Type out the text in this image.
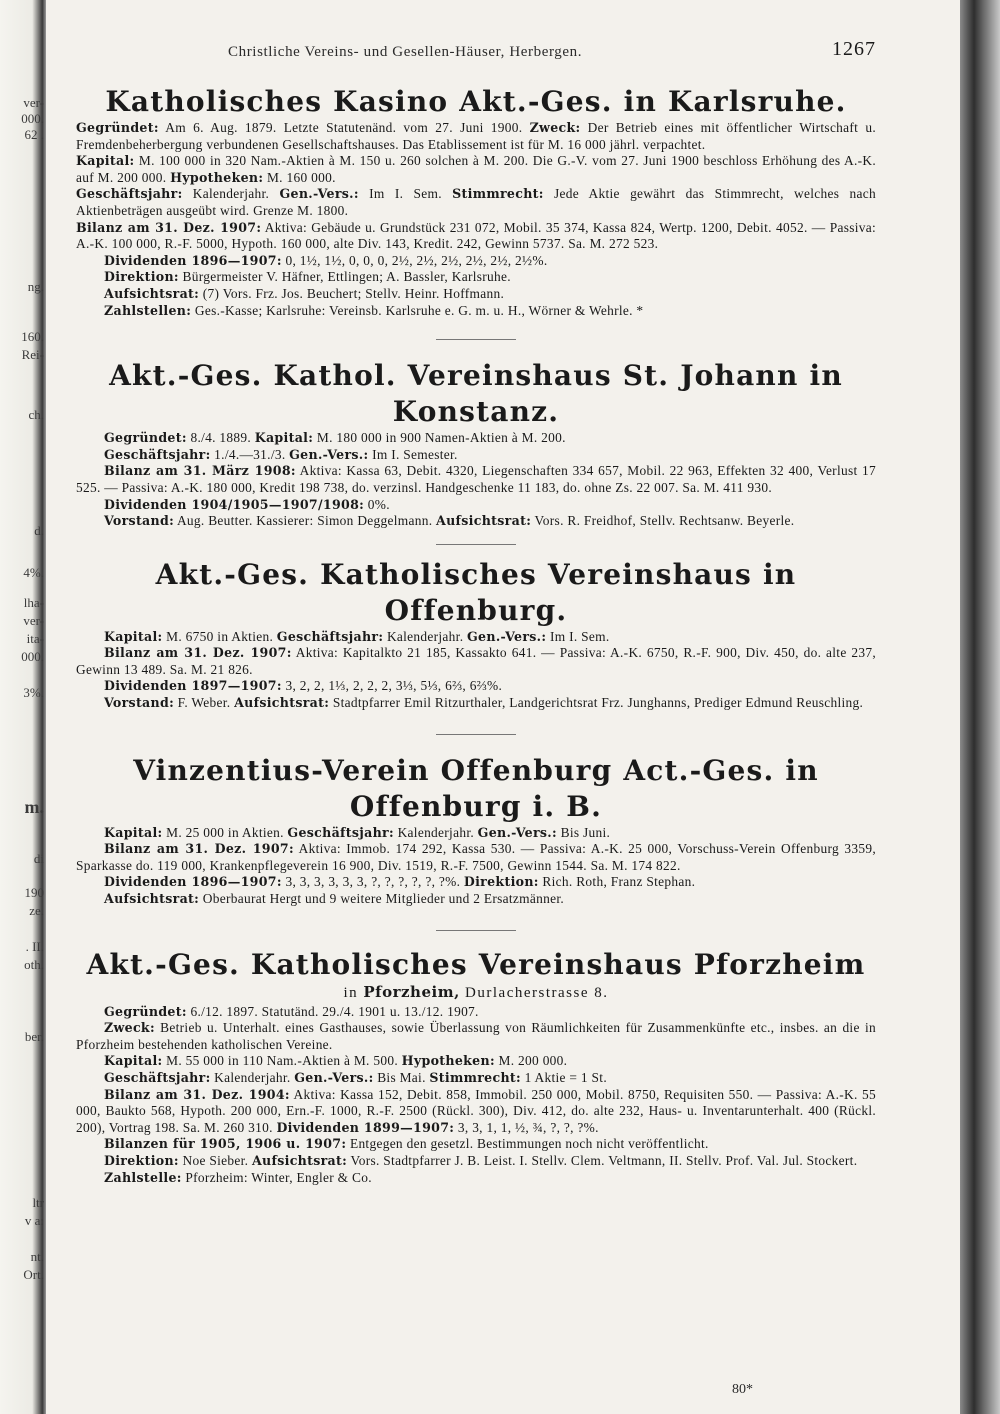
ver-
000.
62 .
ng.
160.
Rei-
ch.
d.
4%.
lha-
ver-
ita-
000.
3%.
m.
di
190
ze.
. II.
oth.
ber.
ltr
v a:
nt.
Ort.
Christliche Vereins- und Gesellen-Häuser, Herbergen.	1267
Katholisches Kasino Akt.-Ges. in Karlsruhe.

Gegründet: Am 6. Aug. 1879. Letzte Statutenänd. vom 27. Juni 1900. Zweck: Der Betrieb eines mit öffentlicher Wirtschaft u. Fremdenbeherbergung verbundenen Gesellschaftshauses. Das Etablissement ist für M. 16 000 jährl. verpachtet.

Kapital: M. 100 000 in 320 Nam.-Aktien à M. 150 u. 260 solchen à M. 200. Die G.-V. vom 27. Juni 1900 beschloss Erhöhung des A.-K. auf M. 200 000. Hypotheken: M. 160 000.

Geschäftsjahr: Kalenderjahr. Gen.-Vers.: Im I. Sem. Stimmrecht: Jede Aktie gewährt das Stimmrecht, welches nach Aktienbeträgen ausgeübt wird. Grenze M. 1800.

Bilanz am 31. Dez. 1907: Aktiva: Gebäude u. Grundstück 231 072, Mobil. 35 374, Kassa 824, Wertp. 1200, Debit. 4052. — Passiva: A.-K. 100 000, R.-F. 5000, Hypoth. 160 000, alte Div. 143, Kredit. 242, Gewinn 5737. Sa. M. 272 523.

Dividenden 1896—1907: 0, 1½, 1½, 0, 0, 0, 2½, 2½, 2½, 2½, 2½, 2½%.

Direktion: Bürgermeister V. Häfner, Ettlingen; A. Bassler, Karlsruhe.

Aufsichtsrat: (7) Vors. Frz. Jos. Beuchert; Stellv. Heinr. Hoffmann.

Zahlstellen: Ges.-Kasse; Karlsruhe: Vereinsb. Karlsruhe e. G. m. u. H., Wörner & Wehrle. *

Akt.-Ges. Kathol. Vereinshaus St. Johann in Konstanz.

Gegründet: 8./4. 1889. Kapital: M. 180 000 in 900 Namen-Aktien à M. 200.

Geschäftsjahr: 1./4.—31./3. Gen.-Vers.: Im I. Semester.

Bilanz am 31. März 1908: Aktiva: Kassa 63, Debit. 4320, Liegenschaften 334 657, Mobil. 22 963, Effekten 32 400, Verlust 17 525. — Passiva: A.-K. 180 000, Kredit 198 738, do. verzinsl. Handgeschenke 11 183, do. ohne Zs. 22 007. Sa. M. 411 930.

Dividenden 1904/1905—1907/1908: 0%.

Vorstand: Aug. Beutter. Kassierer: Simon Deggelmann. Aufsichtsrat: Vors. R. Freidhof, Stellv. Rechtsanw. Beyerle.

Akt.-Ges. Katholisches Vereinshaus in Offenburg.

Kapital: M. 6750 in Aktien. Geschäftsjahr: Kalenderjahr. Gen.-Vers.: Im I. Sem.

Bilanz am 31. Dez. 1907: Aktiva: Kapitalkto 21 185, Kassakto 641. — Passiva: A.-K. 6750, R.-F. 900, Div. 450, do. alte 237, Gewinn 13 489. Sa. M. 21 826.

Dividenden 1897—1907: 3, 2, 2, 1⅓, 2, 2, 2, 3⅓, 5⅓, 6⅔, 6⅔%.

Vorstand: F. Weber. Aufsichtsrat: Stadtpfarrer Emil Ritzurthaler, Landgerichtsrat Frz. Junghanns, Prediger Edmund Reuschling.

Vinzentius-Verein Offenburg Act.-Ges. in Offenburg i. B.

Kapital: M. 25 000 in Aktien. Geschäftsjahr: Kalenderjahr. Gen.-Vers.: Bis Juni.

Bilanz am 31. Dez. 1907: Aktiva: Immob. 174 292, Kassa 530. — Passiva: A.-K. 25 000, Vorschuss-Verein Offenburg 3359, Sparkasse do. 119 000, Krankenpflegeverein 16 900, Div. 1519, R.-F. 7500, Gewinn 1544. Sa. M. 174 822.

Dividenden 1896—1907: 3, 3, 3, 3, 3, 3, ?, ?, ?, ?, ?, ?%. Direktion: Rich. Roth, Franz Stephan.

Aufsichtsrat: Oberbaurat Hergt und 9 weitere Mitglieder und 2 Ersatzmänner.

Akt.-Ges. Katholisches Vereinshaus Pforzheim
in Pforzheim, Durlacherstrasse 8.

Gegründet: 6./12. 1897. Statutänd. 29./4. 1901 u. 13./12. 1907.

Zweck: Betrieb u. Unterhalt. eines Gasthauses, sowie Überlassung von Räumlichkeiten für Zusammenkünfte etc., insbes. an die in Pforzheim bestehenden katholischen Vereine.

Kapital: M. 55 000 in 110 Nam.-Aktien à M. 500. Hypotheken: M. 200 000.

Geschäftsjahr: Kalenderjahr. Gen.-Vers.: Bis Mai. Stimmrecht: 1 Aktie = 1 St.

Bilanz am 31. Dez. 1904: Aktiva: Kassa 152, Debit. 858, Immobil. 250 000, Mobil. 8750, Requisiten 550. — Passiva: A.-K. 55 000, Baukto 568, Hypoth. 200 000, Ern.-F. 1000, R.-F. 2500 (Rückl. 300), Div. 412, do. alte 232, Haus- u. Inventarunterhalt. 400 (Rückl. 200), Vortrag 198. Sa. M. 260 310. Dividenden 1899—1907: 3, 3, 1, 1, ½, ¾, ?, ?, ?%.

Bilanzen für 1905, 1906 u. 1907: Entgegen den gesetzl. Bestimmungen noch nicht veröffentlicht.

Direktion: Noe Sieber. Aufsichtsrat: Vors. Stadtpfarrer J. B. Leist. I. Stellv. Clem. Veltmann, II. Stellv. Prof. Val. Jul. Stockert.

Zahlstelle: Pforzheim: Winter, Engler & Co.

80*
